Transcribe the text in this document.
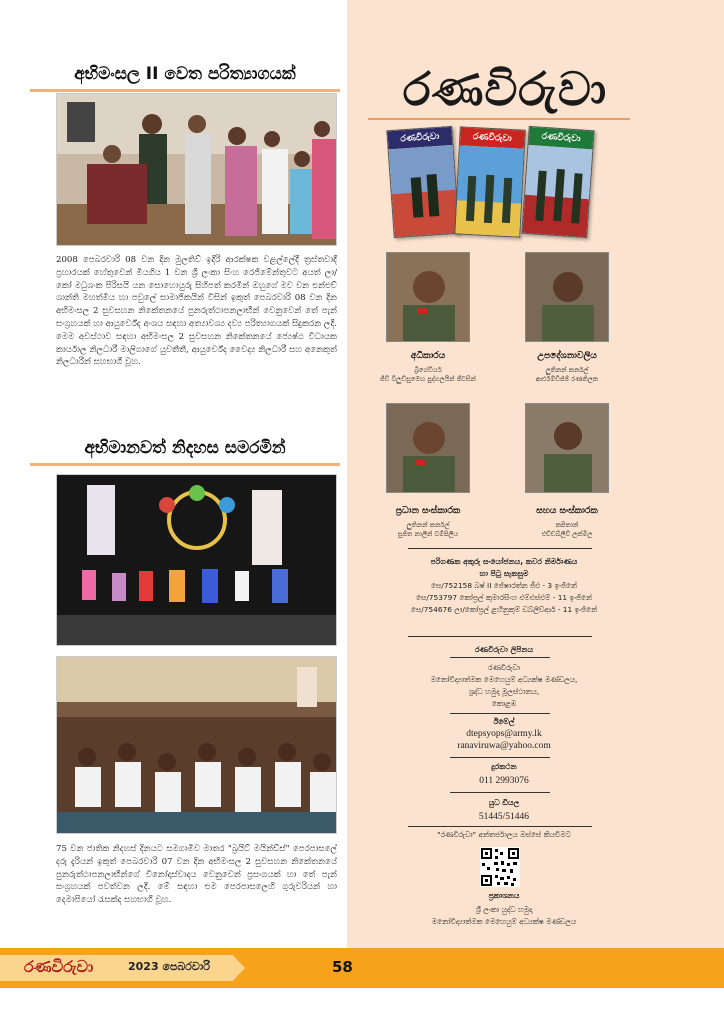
අභිමංසල II වෙත පරිත්‍යාගයක්
2008 පෙබරවාරි 08 වන දින මුලතිව් ඉදිරි ආරක්ෂක වළල්ලේදී ත්‍රස්තවාදී ප්‍රහාරයක් හේතුවෙන් මියගිය 1 වන ශ්‍රී ලංකා සිංහ රෙජිමේන්තුවට අයත් ලා/කෝ මධුශංක පිරිසයි යන සොහොයුරු සිහිපත් කරමින් ඔහුගේ මව වන එන්එච් ශාන්ති මහත්මිය හා පවුලේ සාමාජිකයින් විසින් ඉකුත් පෙබරවාරි 08 වන දින අභිමංසල 2 සුවසහන නිකේතනයේ පුනරුත්ථාපනලාභීන් වෙනුවෙන් තේ පැන් සංග්‍රහයක් හා ආයුර්වේද අංශය සඳහා අත්‍යාවශ්‍ය දව්‍ය පරිත්‍යාගයක් සිදුකරන ලදී. මෙම අවස්ථාව සඳහා අභිමංසල 2 සුවසහන නිකේතනයේ ජ්‍යෙෂ්ඨ විධායක කාර්යාල නිලධාරී මාලිගාගේ යුවතීතී, ආයුර්වේද වෛද්‍ය නිලධාරී සහ අනෙකුත් නිලධාරීන් සහභාගී වූහ.
අභිමානවත් නිදහස සමරමින්
75 වන ජාතික නිදහස් දිනයට සමගාමීව මාතර "බ්‍රයිට් මයින්ඩ්ස්" පෙරපාසලේ දරු දැරියන් ඉකුත් පෙබරවාරි 07 වන දින අභිමංසල 2 සුවසහන නිකේතනයේ පුනරුත්ථාපනලාභීන්ගේ විනෝදාස්වාදය වෙනුවෙන් ප්‍රසංගයක් හා තේ පැන් සංග්‍රහයක් පවත්වන ලදී. මේ සඳහා එම පෙරපාසලෙහි ගුරුවරියන් හා දෙමාපියෝ රැසක්ද සහභාගී වූහ.
රණවිරුවා
රණවිරුවා	රණවිරුවා	රණවිරුවා
අධිකාරය
බ්‍රිගේඩියර්
ජීඩී විලුඩ්සුමෙහ පුද්ගලයින් ජීවසින්
උපදේශනාවලිය
ලුතිනන් කර්නල්
ආර්එම්ඩීජ්ජි රණතිලක
ප්‍රධාන සංස්කාරක
ලුතිනන් කර්නල්
සුජිත නාලින් වම්පිලිය
සහය සංස්කාරක
කපිතාන්
එච්ඩබ්‍ලිව් ලක්මිල
පරිගණක අකුරු සංයෝජනය, කවර නිර්මාණය හා පිටු සැකසුම
සෙ/752158 බෂ් II ජේෂාරත්න ජීඑ - 3 ඉංජිනේ
සෙ/753797 කෝප්‍රල් කුමාරසිංහ එම්එස්එම් - 11 ඉංජිනේ
සෙ/754676 ලා/කෝප්‍රල් ළහිනුකුම් ඩබ්ලිව්ආර් - 11 ඉංජිනේ
රණවිරුවා ලිපිනය
රණවිරුවා
මනෝවිද්‍යාත්මක මෙහෙයුම් අධ්‍යක්ෂ මණ්ඩලය,
ශ්‍රද්ධ හමුදා මූලස්ථානය,
කොළඹ
ඊමේල්
dtepsyops@army.lk
ranaviruwa@yahoo.com
දුරකථන
011 2993076
යුධ ඩියල
51445/51446
"රණවිරුවා" අන්තර්ජාලය ඔස්සේ කියවීමට
ප්‍රකාශනය
ශ්‍රී ලංකා යුද්ධ හමුදා
මනෝවිද්‍යාත්මක මෙහෙයුම් අධ්‍යක්ෂ මණ්ඩලය
රණවිරුවා	2023 පෙබරවාරි	58
